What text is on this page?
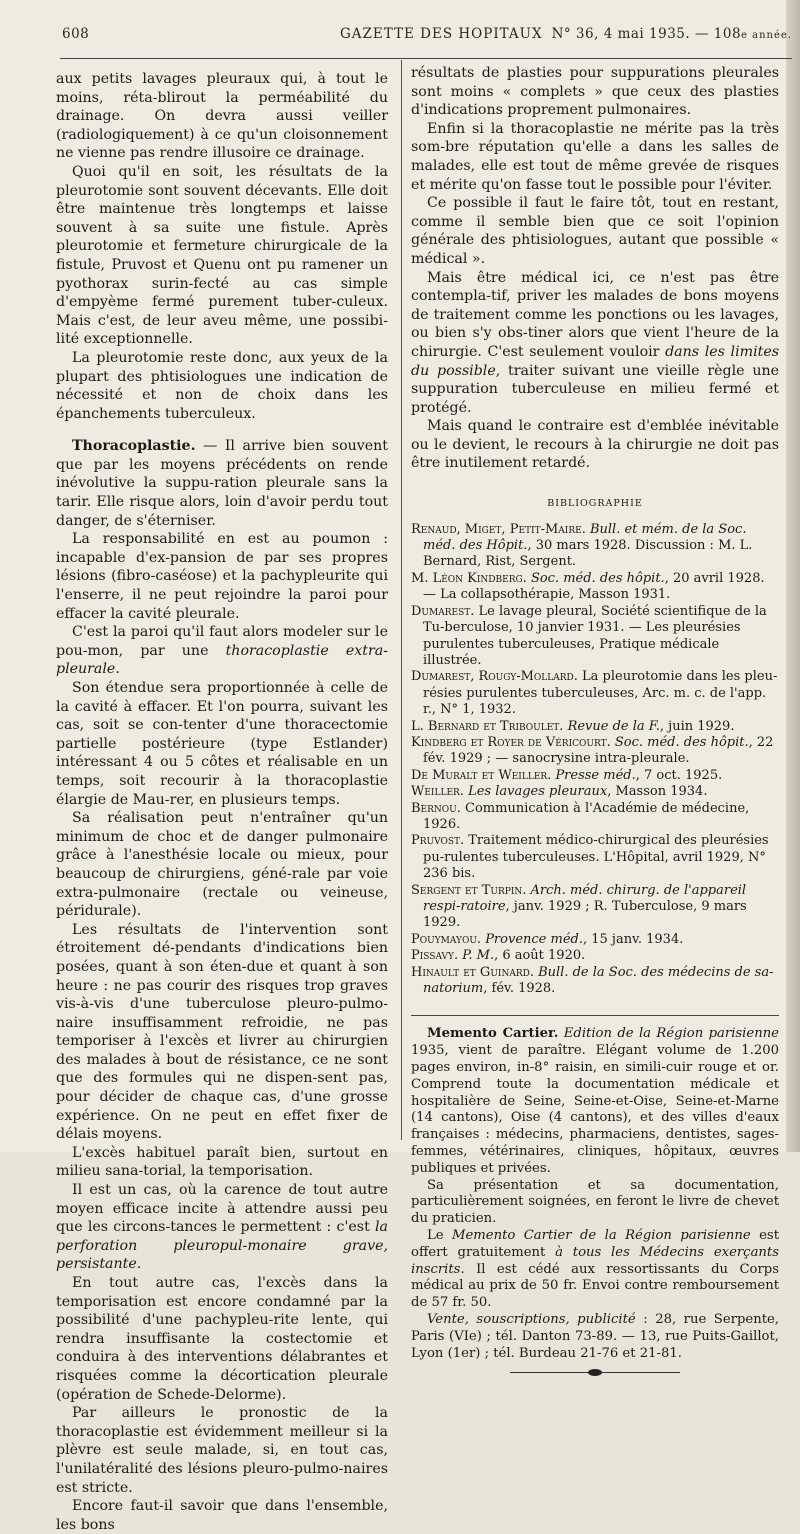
608	GAZETTE DES HOPITAUX N° 36, 4 mai 1935. — 108e année.

aux petits lavages pleuraux qui, à tout le moins, réta-blirout la perméabilité du drainage. On devra aussi veiller (radiologiquement) à ce qu'un cloisonnement ne vienne pas rendre illusoire ce drainage.

Quoi qu'il en soit, les résultats de la pleurotomie sont souvent décevants. Elle doit être maintenue très longtemps et laisse souvent à sa suite une fistule. Après pleurotomie et fermeture chirurgicale de la fistule, Pruvost et Quenu ont pu ramener un pyothorax surin-fecté au cas simple d'empyème fermé purement tuber-culeux. Mais c'est, de leur aveu même, une possibi-lité exceptionnelle.

La pleurotomie reste donc, aux yeux de la plupart des phtisiologues une indication de nécessité et non de choix dans les épanchements tuberculeux.

Thoracoplastie. — Il arrive bien souvent que par les moyens précédents on rende inévolutive la suppu-ration pleurale sans la tarir. Elle risque alors, loin d'avoir perdu tout danger, de s'éterniser.

La responsabilité en est au poumon : incapable d'ex-pansion de par ses propres lésions (fibro-caséose) et la pachypleurite qui l'enserre, il ne peut rejoindre la paroi pour effacer la cavité pleurale.

C'est la paroi qu'il faut alors modeler sur le pou-mon, par une thoracoplastie extra-pleurale.

Son étendue sera proportionnée à celle de la cavité à effacer. Et l'on pourra, suivant les cas, soit se con-tenter d'une thoracectomie partielle postérieure (type Estlander) intéressant 4 ou 5 côtes et réalisable en un temps, soit recourir à la thoracoplastie élargie de Mau-rer, en plusieurs temps.

Sa réalisation peut n'entraîner qu'un minimum de choc et de danger pulmonaire grâce à l'anesthésie locale ou mieux, pour beaucoup de chirurgiens, géné-rale par voie extra-pulmonaire (rectale ou veineuse, péridurale).

Les résultats de l'intervention sont étroitement dé-pendants d'indications bien posées, quant à son éten-due et quant à son heure : ne pas courir des risques trop graves vis-à-vis d'une tuberculose pleuro-pulmo-naire insuffisamment refroidie, ne pas temporiser à l'excès et livrer au chirurgien des malades à bout de résistance, ce ne sont que des formules qui ne dispen-sent pas, pour décider de chaque cas, d'une grosse expérience. On ne peut en effet fixer de délais moyens.

L'excès habituel paraît bien, surtout en milieu sana-torial, la temporisation.

Il est un cas, où la carence de tout autre moyen efficace incite à attendre aussi peu que les circons-tances le permettent : c'est la perforation pleuropul-monaire grave, persistante.

En tout autre cas, l'excès dans la temporisation est encore condamné par la possibilité d'une pachypleu-rite lente, qui rendra insuffisante la costectomie et conduira à des interventions délabrantes et risquées comme la décortication pleurale (opération de Schede-Delorme).

Par ailleurs le pronostic de la thoracoplastie est évidemment meilleur si la plèvre est seule malade, si, en tout cas, l'unilatéralité des lésions pleuro-pulmo-naires est stricte.

Encore faut-il savoir que dans l'ensemble, les bons

résultats de plasties pour suppurations pleurales sont moins « complets » que ceux des plasties d'indications proprement pulmonaires.

Enfin si la thoracoplastie ne mérite pas la très som-bre réputation qu'elle a dans les salles de malades, elle est tout de même grevée de risques et mérite qu'on fasse tout le possible pour l'éviter.

Ce possible il faut le faire tôt, tout en restant, comme il semble bien que ce soit l'opinion générale des phtisiologues, autant que possible « médical ».

Mais être médical ici, ce n'est pas être contempla-tif, priver les malades de bons moyens de traitement comme les ponctions ou les lavages, ou bien s'y obs-tiner alors que vient l'heure de la chirurgie. C'est seulement vouloir dans les limites du possible, traiter suivant une vieille règle une suppuration tuberculeuse en milieu fermé et protégé.

Mais quand le contraire est d'emblée inévitable ou le devient, le recours à la chirurgie ne doit pas être inutilement retardé.

BIBLIOGRAPHIE

Renaud, Miget, Petit-Maire. Bull. et mém. de la Soc. méd. des Hôpit., 30 mars 1928. Discussion : M. L. Bernard, Rist, Sergent.

M. Léon Kindberg. Soc. méd. des hôpit., 20 avril 1928. — La collapsothérapie, Masson 1931.

Dumarest. Le lavage pleural, Société scientifique de la Tu-berculose, 10 janvier 1931. — Les pleurésies purulentes tuberculeuses, Pratique médicale illustrée.

Dumarest, Rougy-Mollard. La pleurotomie dans les pleu-résies purulentes tuberculeuses, Arc. m. c. de l'app. r., N° 1, 1932.

L. Bernard et Triboulet. Revue de la F., juin 1929.

Kindberg et Royer de Véricourt. Soc. méd. des hôpit., 22 fév. 1929 ; — sanocrysine intra-pleurale.

De Muralt et Weiller. Presse méd., 7 oct. 1925.

Weiller. Les lavages pleuraux, Masson 1934.

Bernou. Communication à l'Académie de médecine, 1926.

Pruvost. Traitement médico-chirurgical des pleurésies pu-rulentes tuberculeuses. L'Hôpital, avril 1929, N° 236 bis.

Sergent et Turpin. Arch. méd. chirurg. de l'appareil respi-ratoire, janv. 1929 ; R. Tuberculose, 9 mars 1929.

Pouymayou. Provence méd., 15 janv. 1934.

Pissavy. P. M., 6 août 1920.

Hinault et Guinard. Bull. de la Soc. des médecins de sa-natorium, fév. 1928.

Memento Cartier. Edition de la Région parisienne 1935, vient de paraître. Elégant volume de 1.200 pages environ, in-8° raisin, en simili-cuir rouge et or. Comprend toute la documentation médicale et hospitalière de Seine, Seine-et-Oise, Seine-et-Marne (14 cantons), Oise (4 cantons), et des villes d'eaux françaises : médecins, pharmaciens, dentistes, sages-femmes, vétérinaires, cliniques, hôpitaux, œuvres publiques et privées.

Sa présentation et sa documentation, particulièrement soignées, en feront le livre de chevet du praticien.

Le Memento Cartier de la Région parisienne est offert gratuitement à tous les Médecins exerçants inscrits. Il est cédé aux ressortissants du Corps médical au prix de 50 fr. Envoi contre remboursement de 57 fr. 50.

Vente, souscriptions, publicité : 28, rue Serpente, Paris (VIe) ; tél. Danton 73-89. — 13, rue Puits-Gaillot, Lyon (1er) ; tél. Burdeau 21-76 et 21-81.
